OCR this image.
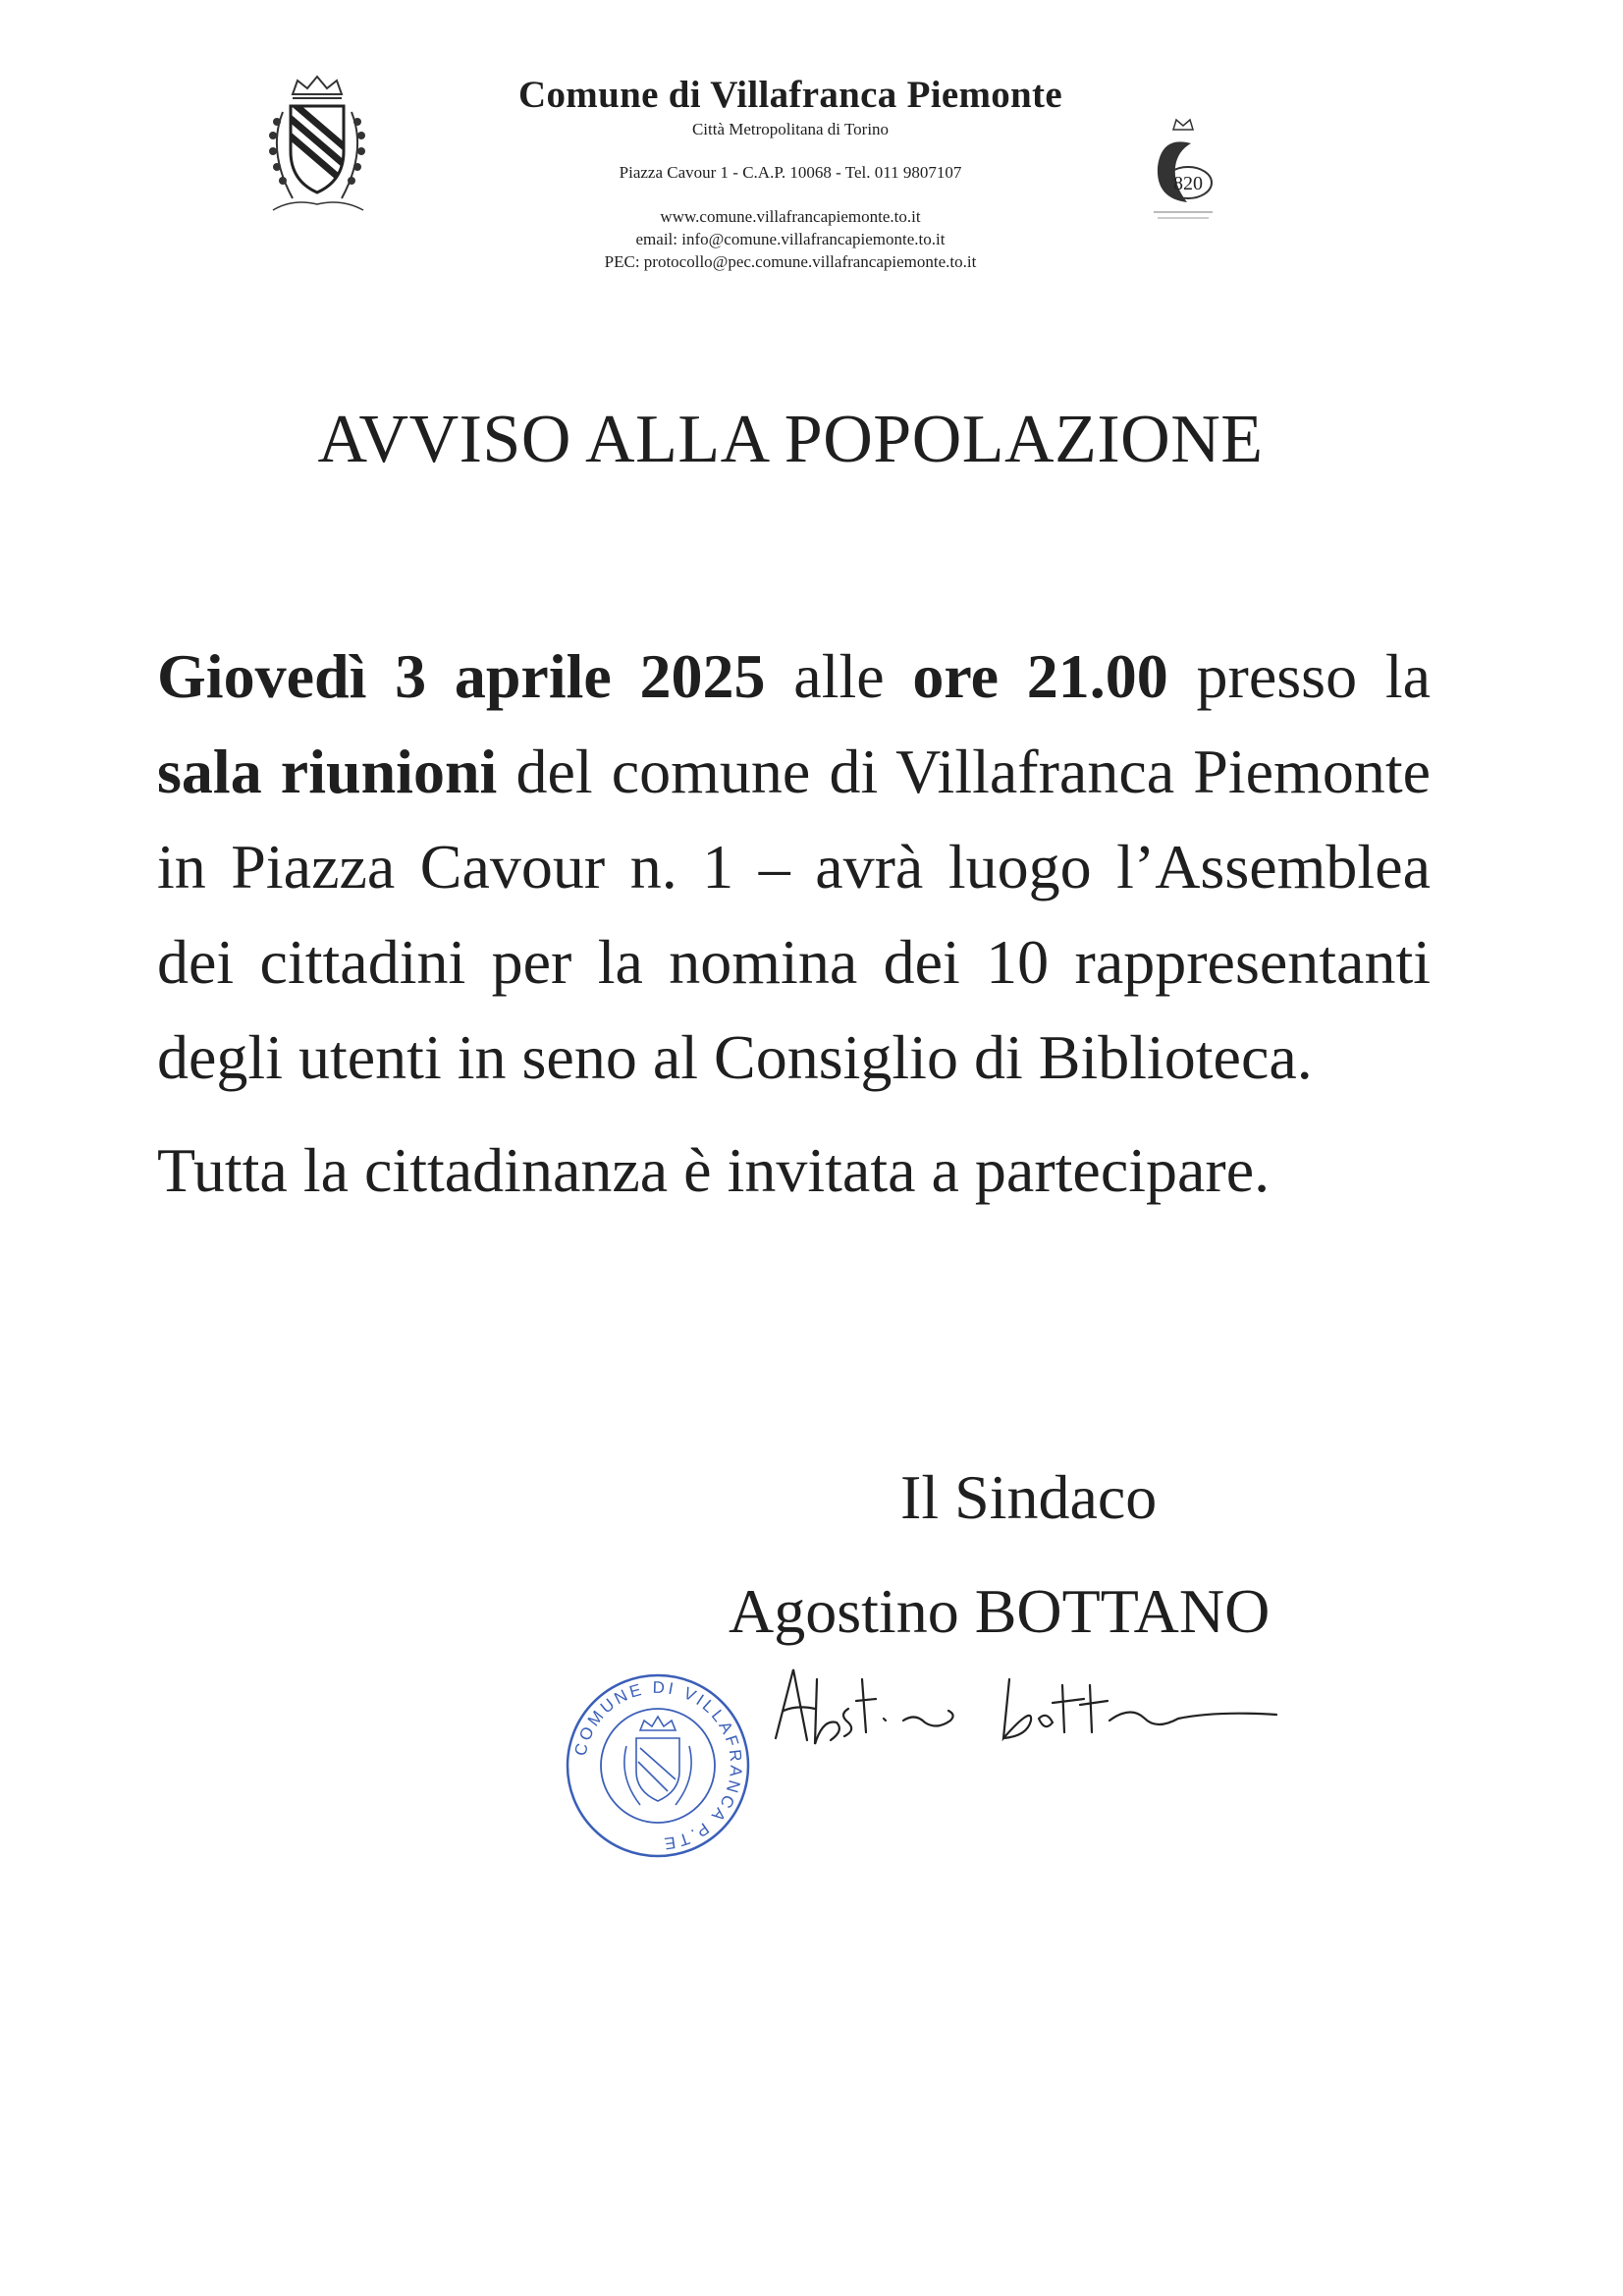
Comune di Villafranca Piemonte
Città Metropolitana di Torino
Piazza Cavour 1 - C.A.P. 10068 - Tel. 011 9807107
www.comune.villafrancapiemonte.to.it
email: info@comune.villafrancapiemonte.to.it
PEC: protocollo@pec.comune.villafrancapiemonte.to.it
820
AVVISO ALLA POPOLAZIONE

Giovedì 3 aprile 2025 alle ore 21.00 presso la sala riunioni del comune di Villafranca Piemonte in Piazza Cavour n. 1 – avrà luogo l’Assemblea dei cittadini per la nomina dei 10 rappresentanti degli utenti in seno al Consiglio di Biblioteca.

Tutta la cittadinanza è invitata a partecipare.

Il Sindaco
Agostino BOTTANO
COMUNE DI VILLAFRANCA P.TE
